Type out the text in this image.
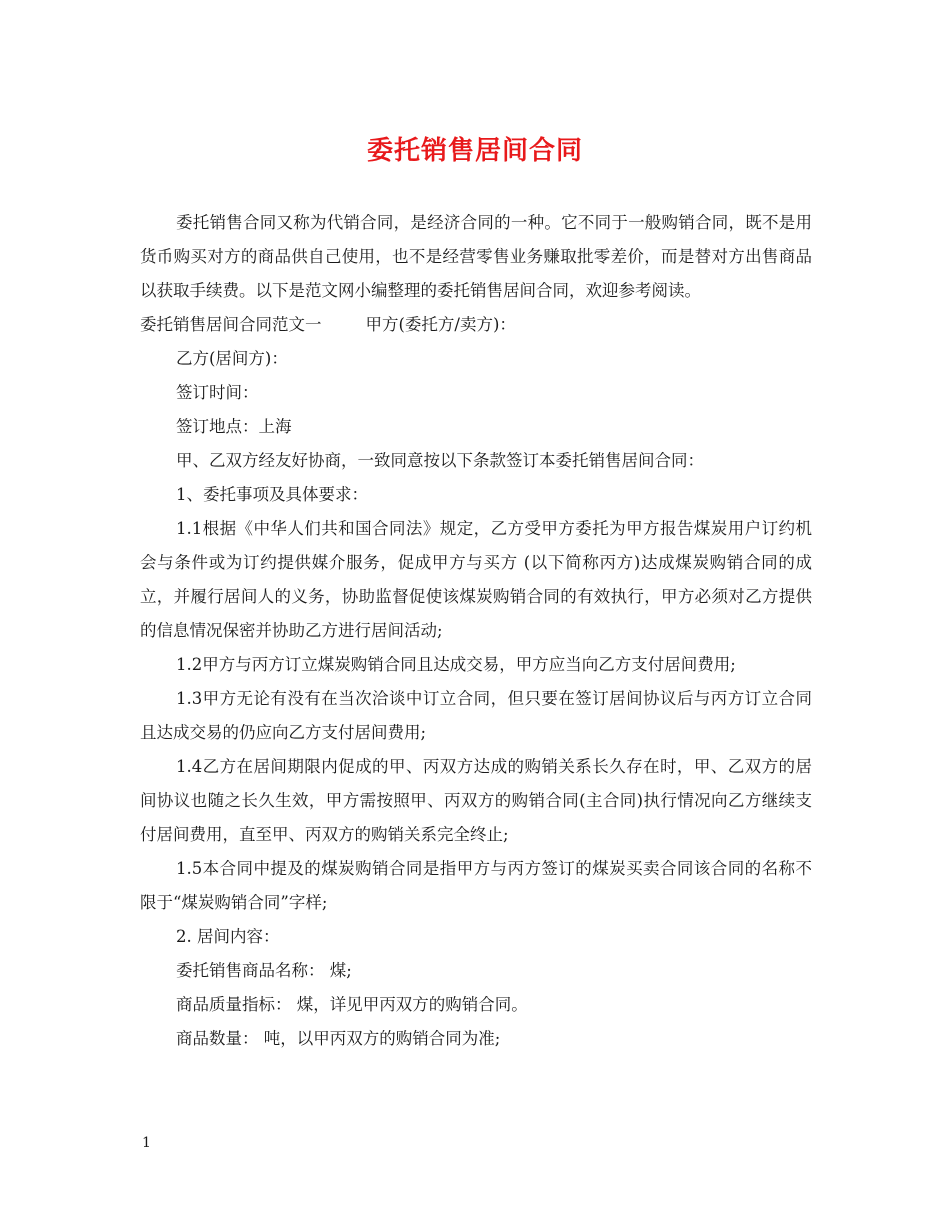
委托销售居间合同

委托销售合同又称为代销合同，是经济合同的一种。它不同于一般购销合同，既不是用货币购买对方的商品供自己使用，也不是经营零售业务赚取批零差价，而是替对方出售商品以获取手续费。以下是范文网小编整理的委托销售居间合同，欢迎参考阅读。

委托销售居间合同范文一	甲方(委托方/卖方)：

乙方(居间方)：

签订时间：

签订地点：上海

甲、乙双方经友好协商，一致同意按以下条款签订本委托销售居间合同：

1、委托事项及具体要求：

1.1根据《中华人们共和国合同法》规定，乙方受甲方委托为甲方报告煤炭用户订约机会与条件或为订约提供媒介服务，促成甲方与买方 (以下简称丙方)达成煤炭购销合同的成立，并履行居间人的义务，协助监督促使该煤炭购销合同的有效执行，甲方必须对乙方提供的信息情况保密并协助乙方进行居间活动;

1.2甲方与丙方订立煤炭购销合同且达成交易，甲方应当向乙方支付居间费用;

1.3甲方无论有没有在当次洽谈中订立合同，但只要在签订居间协议后与丙方订立合同且达成交易的仍应向乙方支付居间费用;

1.4乙方在居间期限内促成的甲、丙双方达成的购销关系长久存在时，甲、乙双方的居间协议也随之长久生效，甲方需按照甲、丙双方的购销合同(主合同)执行情况向乙方继续支付居间费用，直至甲、丙双方的购销关系完全终止;

1.5本合同中提及的煤炭购销合同是指甲方与丙方签订的煤炭买卖合同该合同的名称不限于“煤炭购销合同”字样;

2. 居间内容：

委托销售商品名称： 煤;

商品质量指标： 煤，详见甲丙双方的购销合同。

商品数量： 吨，以甲丙双方的购销合同为准;

1
